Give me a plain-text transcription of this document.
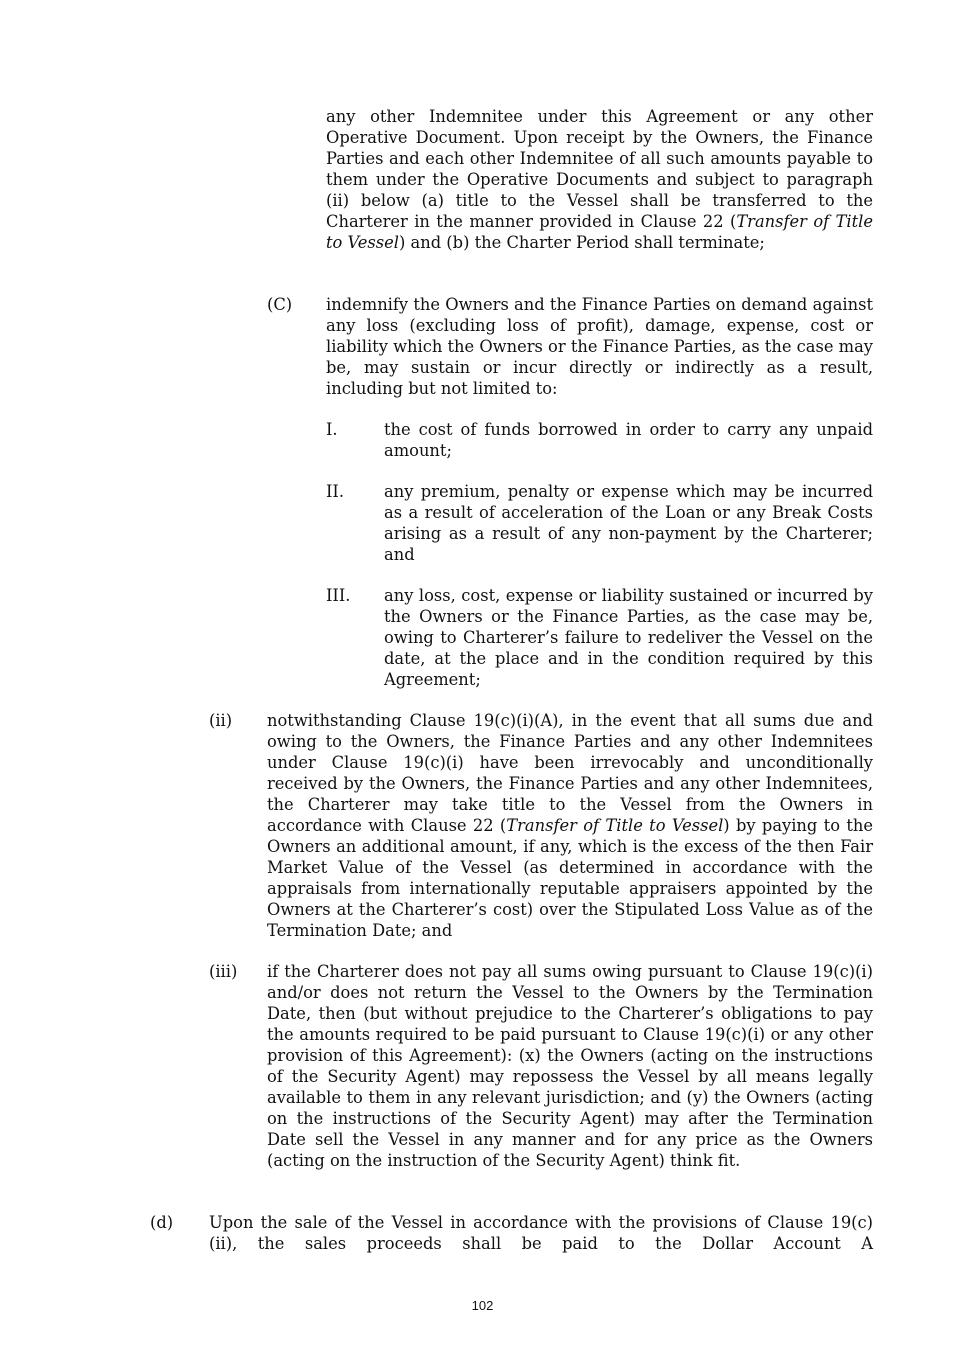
any other Indemnitee under this Agreement or any other Operative Document. Upon receipt by the Owners, the Finance Parties and each other Indemnitee of all such amounts payable to them under the Operative Documents and subject to paragraph (ii) below (a) title to the Vessel shall be transferred to the Charterer in the manner provided in Clause 22 (Transfer of Title to Vessel) and (b) the Charter Period shall terminate;
(C) indemnify the Owners and the Finance Parties on demand against any loss (excluding loss of profit), damage, expense, cost or liability which the Owners or the Finance Parties, as the case may be, may sustain or incur directly or indirectly as a result, including but not limited to:
I.	the cost of funds borrowed in order to carry any unpaid amount;
II. any premium, penalty or expense which may be incurred as a result of acceleration of the Loan or any Break Costs arising as a result of any non-payment by the Charterer; and
III. any loss, cost, expense or liability sustained or incurred by the Owners or the Finance Parties, as the case may be, owing to Charterer’s failure to redeliver the Vessel on the date, at the place and in the condition required by this Agreement;
(ii) notwithstanding Clause 19(c)(i)(A), in the event that all sums due and owing to the Owners, the Finance Parties and any other Indemnitees under Clause 19(c)(i) have been irrevocably and unconditionally received by the Owners, the Finance Parties and any other Indemnitees, the Charterer may take title to the Vessel from the Owners in accordance with Clause 22 (Transfer of Title to Vessel) by paying to the Owners an additional amount, if any, which is the excess of the then Fair Market Value of the Vessel (as determined in accordance with the appraisals from internationally reputable appraisers appointed by the Owners at the Charterer’s cost) over the Stipulated Loss Value as of the Termination Date; and
(iii) if the Charterer does not pay all sums owing pursuant to Clause 19(c)(i) and/or does not return the Vessel to the Owners by the Termination Date, then (but without prejudice to the Charterer’s obligations to pay the amounts required to be paid pursuant to Clause 19(c)(i) or any other provision of this Agreement): (x) the Owners (acting on the instructions of the Security Agent) may repossess the Vessel by all means legally available to them in any relevant jurisdiction; and (y) the Owners (acting on the instructions of the Security Agent) may after the Termination Date sell the Vessel in any manner and for any price as the Owners (acting on the instruction of the Security Agent) think fit.
(d) Upon the sale of the Vessel in accordance with the provisions of Clause 19(c)(ii), the sales proceeds shall be paid to the Dollar Account A
102
